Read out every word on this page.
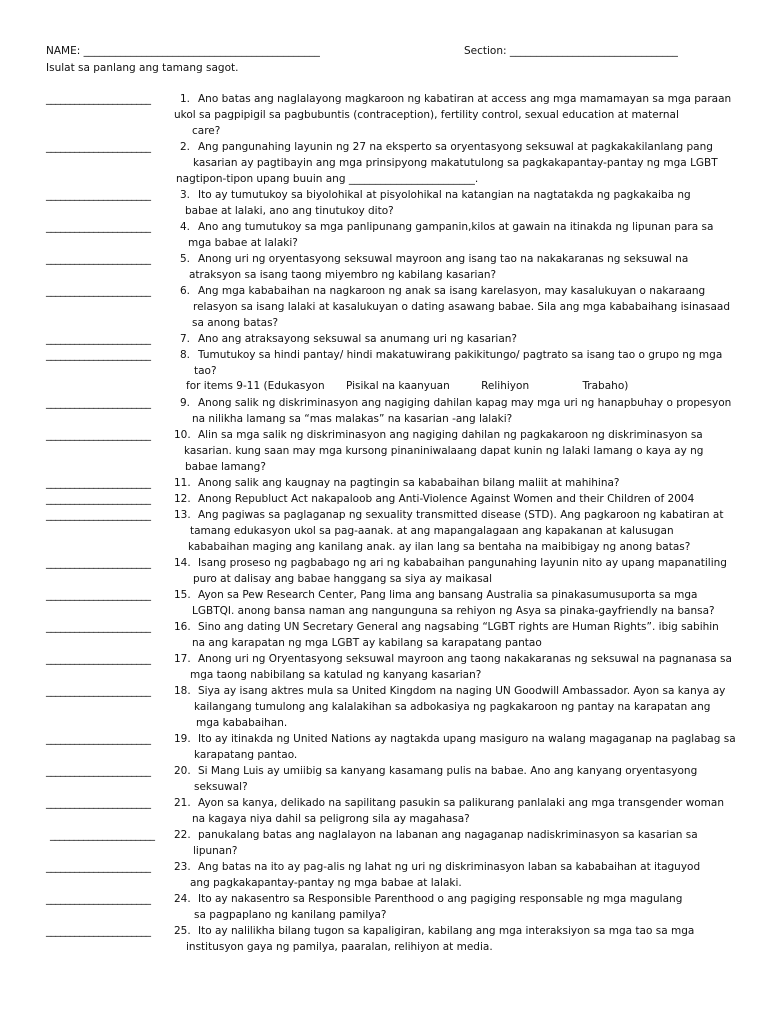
NAME: _____________________________________________	Section: ________________________________
Isulat sa panlang ang tamang sagot.
______________________	1. Ano batas ang naglalayong magkaroon ng kabatiran at access ang mga mamamayan sa mga paraan
ukol sa pagpipigil sa pagbubuntis (contraception), fertility control, sexual education at maternal
care?
______________________	2. Ang pangunahing layunin ng 27 na eksperto sa oryentasyong seksuwal at pagkakakilanlang pang
kasarian ay pagtibayin ang mga prinsipyong makatutulong sa pagkakapantay-pantay ng mga LGBT
nagtipon-tipon upang buuin ang ________________________.
______________________	3. Ito ay tumutukoy sa biyolohikal at pisyolohikal na katangian na nagtatakda ng pagkakaiba ng
babae at lalaki, ano ang tinutukoy dito?
______________________	4. Ano ang tumutukoy sa mga panlipunang gampanin,kilos at gawain na itinakda ng lipunan para sa
mga babae at lalaki?
______________________	5. Anong uri ng oryentasyong seksuwal mayroon ang isang tao na nakakaranas ng seksuwal na
atraksyon sa isang taong miyembro ng kabilang kasarian?
______________________	6. Ang mga kababaihan na nagkaroon ng anak sa isang karelasyon, may kasalukuyan o nakaraang
relasyon sa isang lalaki at kasalukuyan o dating asawang babae. Sila ang mga kababaihang isinasaad
sa anong batas?
______________________	7. Ano ang atraksayong seksuwal sa anumang uri ng kasarian?
______________________	8. Tumutukoy sa hindi pantay/ hindi makatuwirang pakikitungo/ pagtrato sa isang tao o grupo ng mga
tao?
______________________	9. Anong salik ng diskriminasyon ang nagiging dahilan kapag may mga uri ng hanapbuhay o propesyon
na nilikha lamang sa “mas malakas” na kasarian -ang lalaki?
______________________ 10. Alin sa mga salik ng diskriminasyon ang nagiging dahilan ng pagkakaroon ng diskriminasyon sa
kasarian. kung saan may mga kursong pinaniniwalaang dapat kunin ng lalaki lamang o kaya ay ng
babae lamang?
______________________ 11. Anong salik ang kaugnay na pagtingin sa kababaihan bilang maliit at mahihina?
______________________ 12. Anong Republuct Act nakapaloob ang Anti-Violence Against Women and their Children of 2004
______________________ 13. Ang pagiwas sa paglaganap ng sexuality transmitted disease (STD). Ang pagkaroon ng kabatiran at
tamang edukasyon ukol sa pag-aanak. at ang mapangalagaan ang kapakanan at kalusugan
kababaihan maging ang kanilang anak. ay ilan lang sa bentaha na maibibigay ng anong batas?
______________________ 14. Isang proseso ng pagbabago ng ari ng kababaihan pangunahing layunin nito ay upang mapanatiling
puro at dalisay ang babae hanggang sa siya ay maikasal
______________________ 15. Ayon sa Pew Research Center, Pang lima ang bansang Australia sa pinakasumusuporta sa mga
LGBTQI. anong bansa naman ang nangunguna sa rehiyon ng Asya sa pinaka-gayfriendly na bansa?
______________________ 16. Sino ang dating UN Secretary General ang nagsabing “LGBT rights are Human Rights”. ibig sabihin
na ang karapatan ng mga LGBT ay kabilang sa karapatang pantao
______________________ 17. Anong uri ng Oryentasyong seksuwal mayroon ang taong nakakaranas ng seksuwal na pagnanasa sa
mga taong nabibilang sa katulad ng kanyang kasarian?
______________________ 18. Siya ay isang aktres mula sa United Kingdom na naging UN Goodwill Ambassador. Ayon sa kanya ay
kailangang tumulong ang kalalakihan sa adbokasiya ng pagkakaroon ng pantay na karapatan ang
mga kababaihan.
______________________ 19. Ito ay itinakda ng United Nations ay nagtakda upang masiguro na walang magaganap na paglabag sa
karapatang pantao.
______________________ 20. Si Mang Luis ay umiibig sa kanyang kasamang pulis na babae. Ano ang kanyang oryentasyong
seksuwal?
______________________ 21. Ayon sa kanya, delikado na sapilitang pasukin sa palikurang panlalaki ang mga transgender woman
na kagaya niya dahil sa peligrong sila ay magahasa?
______________________ 22. panukalang batas ang naglalayon na labanan ang nagaganap nadiskriminasyon sa kasarian sa
lipunan?
______________________ 23. Ang batas na ito ay pag-alis ng lahat ng uri ng diskriminasyon laban sa kababaihan at itaguyod
ang pagkakapantay-pantay ng mga babae at lalaki.
______________________ 24. Ito ay nakasentro sa Responsible Parenthood o ang pagiging responsable ng mga magulang
sa pagpaplano ng kanilang pamilya?
______________________ 25. Ito ay nalilikha bilang tugon sa kapaligiran, kabilang ang mga interaksiyon sa mga tao sa mga
institusyon gaya ng pamilya, paaralan, relihiyon at media.
for items 9-11 (Edukasyon Pisikal na kaanyuan	Relihiyon	Trabaho)
